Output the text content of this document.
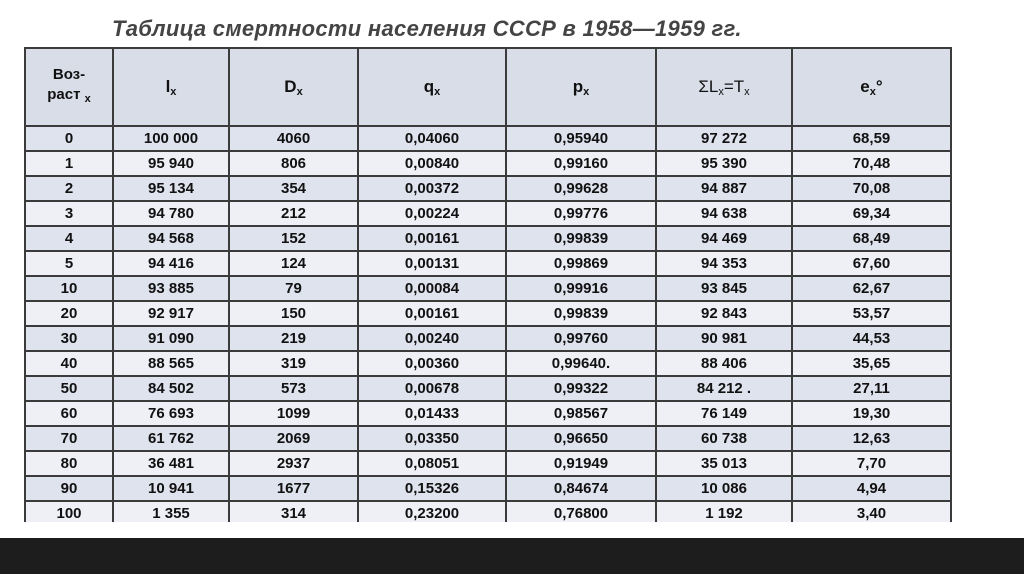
Таблица смертности населения СССР в 1958—1959 гг.
Воз-
раст $_x$	$l_x$	$D_x$	$q_x$	$p_x$	$\Sigma L_x=T_x$	$e_x^\circ$
0	100 000	4060	0,04060	0,95940	97 272	68,59
1	95 940	806	0,00840	0,99160	95 390	70,48
2	95 134	354	0,00372	0,99628	94 887	70,08
3	94 780	212	0,00224	0,99776	94 638	69,34
4	94 568	152	0,00161	0,99839	94 469	68,49
5	94 416	124	0,00131	0,99869	94 353	67,60
10	93 885	79	0,00084	0,99916	93 845	62,67
20	92 917	150	0,00161	0,99839	92 843	53,57
30	91 090	219	0,00240	0,99760	90 981	44,53
40	88 565	319	0,00360	0,99640.	88 406	35,65
50	84 502	573	0,00678	0,99322	84 212 .	27,11
60	76 693	1099	0,01433	0,98567	76 149	19,30
70	61 762	2069	0,03350	0,96650	60 738	12,63
80	36 481	2937	0,08051	0,91949	35 013	7,70
90	10 941	1677	0,15326	0,84674	10 086	4,94
100	1 355	314	0,23200	0,76800	1 192	3,40
